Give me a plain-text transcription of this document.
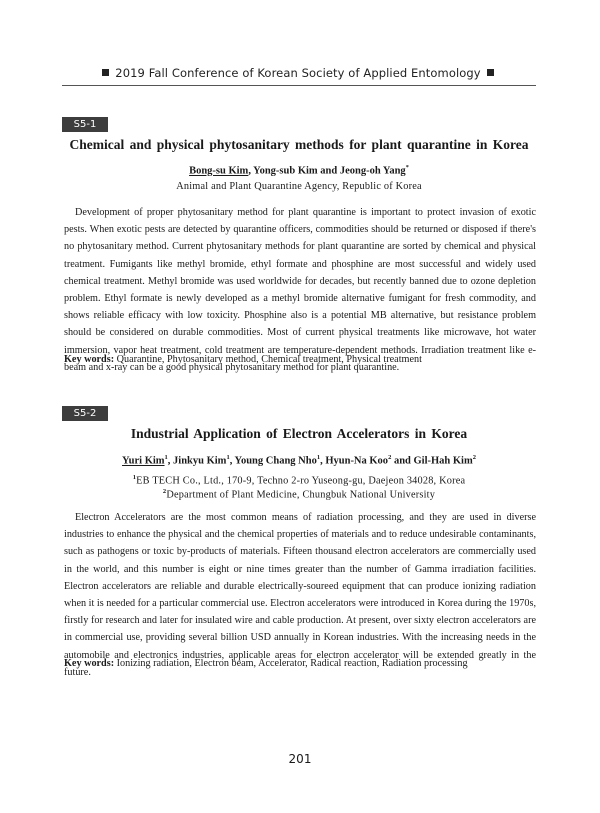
2019 Fall Conference of Korean Society of Applied Entomology
S5-1
Chemical and physical phytosanitary methods for plant quarantine in Korea
Bong-su Kim, Yong-sub Kim and Jeong-oh Yang*
Animal and Plant Quarantine Agency, Republic of Korea

Development of proper phytosanitary method for plant quarantine is important to protect invasion of exotic pests. When exotic pests are detected by quarantine officers, commodities should be returned or disposed if there's no phytosanitary method. Current phytosanitary methods for plant quarantine are sorted by chemical and physical treatment. Fumigants like methyl bromide, ethyl formate and phosphine are most successful and widely used chemical treatment. Methyl bromide was used worldwide for decades, but recently banned due to ozone depletion problem. Ethyl formate is newly developed as a methyl bromide alternative fumigant for fresh commodity, and shows reliable efficacy with low toxicity. Phosphine also is a potential MB alternative, but resistance problem should be considered on durable commodities. Most of current physical treatments like microwave, hot water immersion, vapor heat treatment, cold treatment are temperature-dependent methods. Irradiation treatment like e-beam and x-ray can be a good physical phytosanitary method for plant quarantine.

Key words: Quarantine, Phytosanitary method, Chemical treatment, Physical treatment
S5-2
Industrial Application of Electron Accelerators in Korea
Yuri Kim$^1$, Jinkyu Kim$^1$, Young Chang Nho$^1$, Hyun-Na Koo$^2$ and Gil-Hah Kim$^2$
$^1$EB TECH Co., Ltd., 170-9, Techno 2-ro Yuseong-gu, Daejeon 34028, Korea
$^2$Department of Plant Medicine, Chungbuk National University

Electron Accelerators are the most common means of radiation processing, and they are used in diverse industries to enhance the physical and the chemical properties of materials and to reduce undesirable contaminants, such as pathogens or toxic by-products of materials. Fifteen thousand electron accelerators are commercially used in the world, and this number is eight or nine times greater than the number of Gamma irradiation facilities. Electron accelerators are reliable and durable electrically-soureed equipment that can produce ionizing radiation when it is needed for a particular commercial use. Electron accelerators were introduced in Korea during the 1970s, firstly for research and later for insulated wire and cable production. At present, over sixty electron accelerators are in commercial use, providing several billion USD annually in Korean industries. With the increasing needs in the automobile and electronics industries, applicable areas for electron accelerator will be extended greatly in the future.

Key words: Ionizing radiation, Electron beam, Accelerator, Radical reaction, Radiation processing
201
